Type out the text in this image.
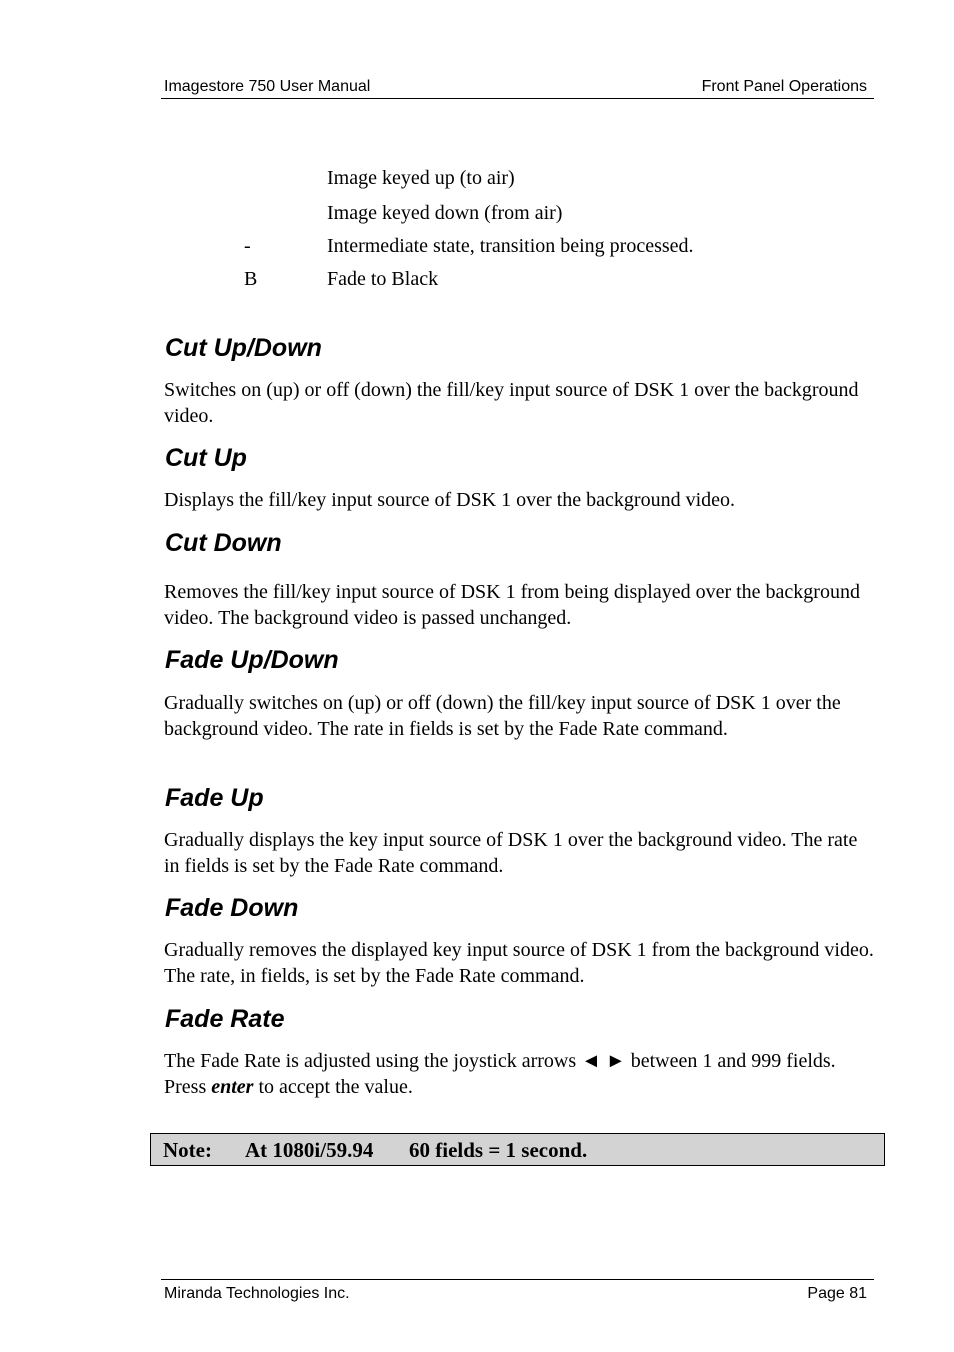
Imagestore 750 User Manual	Front Panel Operations
Image keyed up (to air)
Image keyed down (from air)
-	Intermediate state, transition being processed.
B	Fade to Black
Cut Up/Down

Switches on (up) or off (down) the fill/key input source of DSK 1 over the background video.

Cut Up

Displays the fill/key input source of DSK 1 over the background video.

Cut Down

Removes the fill/key input source of DSK 1 from being displayed over the background video. The background video is passed unchanged.

Fade Up/Down

Gradually switches on (up) or off (down) the fill/key input source of DSK 1 over the background video. The rate in fields is set by the Fade Rate command.

Fade Up

Gradually displays the key input source of DSK 1 over the background video. The rate in fields is set by the Fade Rate command.

Fade Down

Gradually removes the displayed key input source of DSK 1 from the background video. The rate, in fields, is set by the Fade Rate command.

Fade Rate

The Fade Rate is adjusted using the joystick arrows ◄ ► between 1 and 999 fields. Press enter to accept the value.

Note: At 1080i/59.94 60 fields = 1 second.
Miranda Technologies Inc.	Page 81
